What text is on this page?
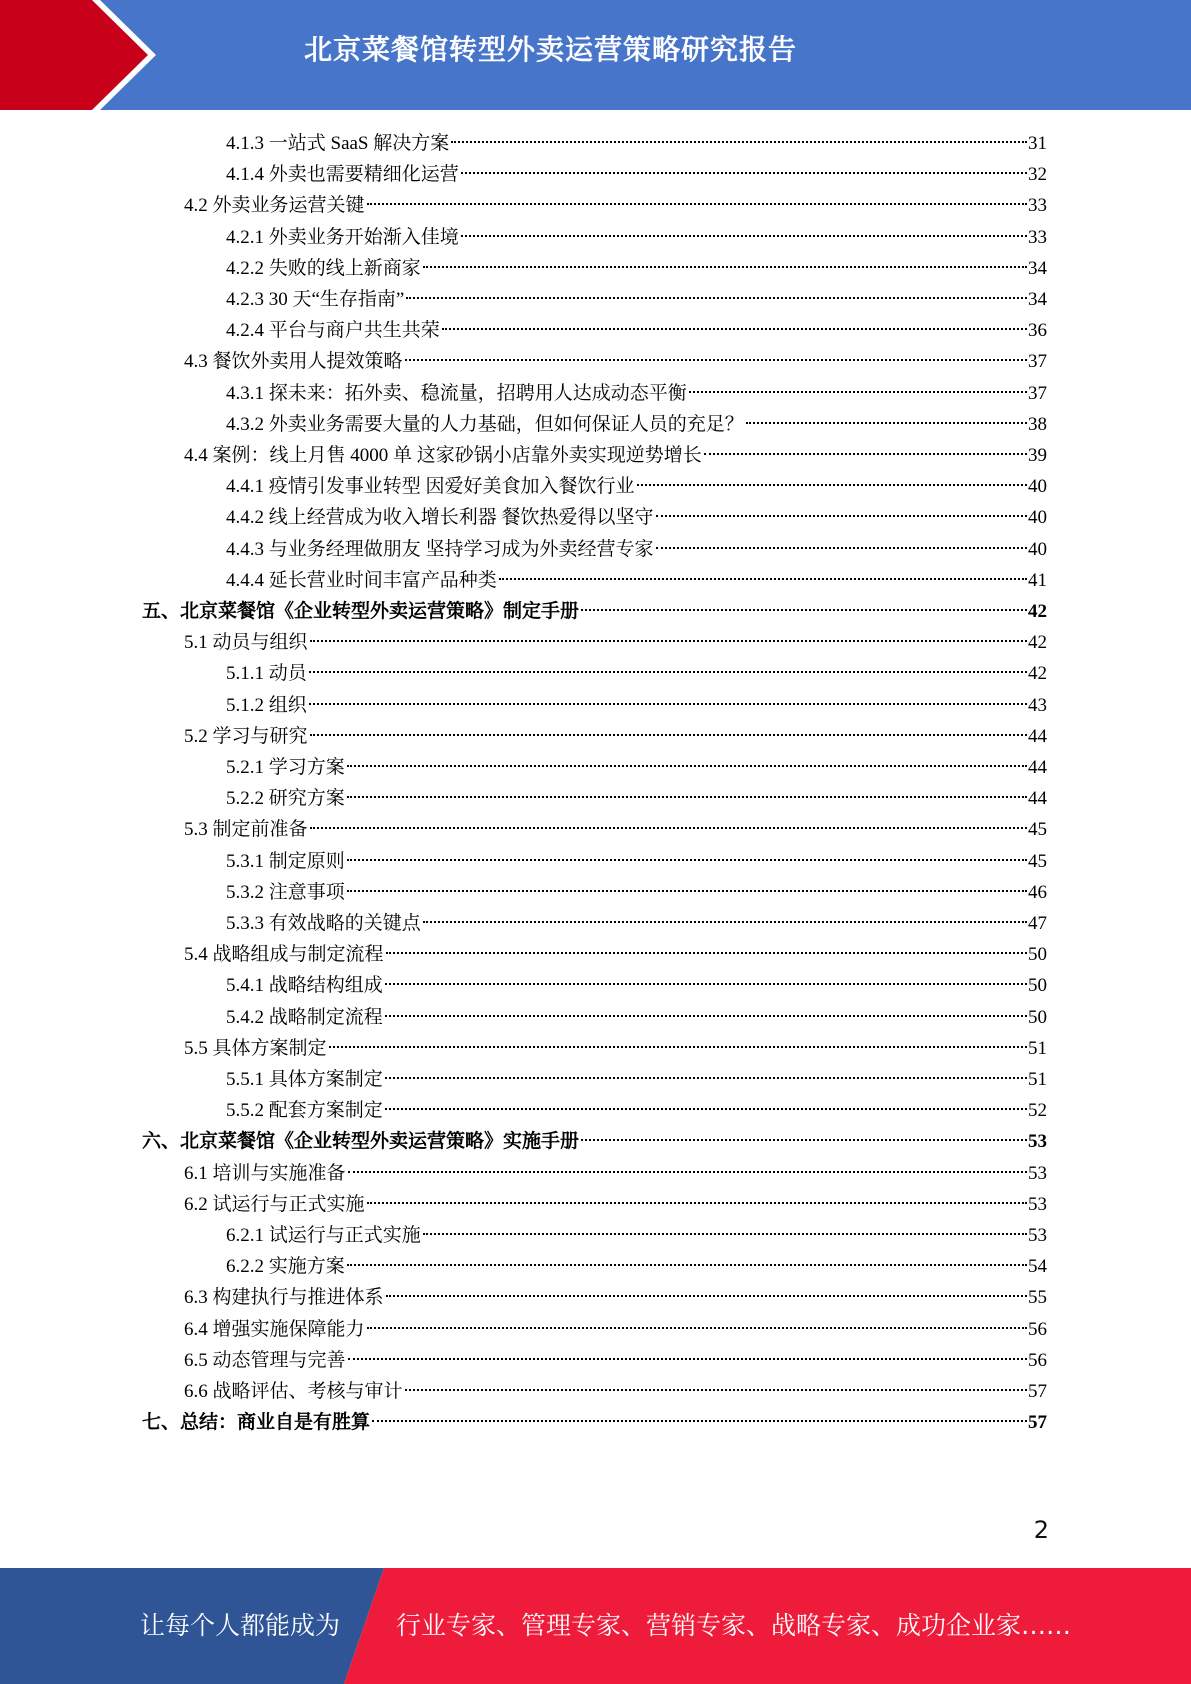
北京菜餐馆转型外卖运营策略研究报告
4.1.3 一站式 SaaS 解决方案	31
4.1.4 外卖也需要精细化运营	32
4.2 外卖业务运营关键	33
4.2.1 外卖业务开始渐入佳境	33
4.2.2 失败的线上新商家	34
4.2.3 30 天“生存指南”	34
4.2.4 平台与商户共生共荣	36
4.3 餐饮外卖用人提效策略	37
4.3.1 探未来：拓外卖、稳流量，招聘用人达成动态平衡	37
4.3.2 外卖业务需要大量的人力基础，但如何保证人员的充足？	38
4.4 案例：线上月售 4000 单 这家砂锅小店靠外卖实现逆势增长	39
4.4.1 疫情引发事业转型 因爱好美食加入餐饮行业	40
4.4.2 线上经营成为收入增长利器 餐饮热爱得以坚守	40
4.4.3 与业务经理做朋友 坚持学习成为外卖经营专家	40
4.4.4 延长营业时间丰富产品种类	41
五、北京菜餐馆《企业转型外卖运营策略》制定手册	42
5.1 动员与组织	42
5.1.1 动员	42
5.1.2 组织	43
5.2 学习与研究	44
5.2.1 学习方案	44
5.2.2 研究方案	44
5.3 制定前准备	45
5.3.1 制定原则	45
5.3.2 注意事项	46
5.3.3 有效战略的关键点	47
5.4 战略组成与制定流程	50
5.4.1 战略结构组成	50
5.4.2 战略制定流程	50
5.5 具体方案制定	51
5.5.1 具体方案制定	51
5.5.2 配套方案制定	52
六、北京菜餐馆《企业转型外卖运营策略》实施手册	53
6.1 培训与实施准备	53
6.2 试运行与正式实施	53
6.2.1 试运行与正式实施	53
6.2.2 实施方案	54
6.3 构建执行与推进体系	55
6.4 增强实施保障能力	56
6.5 动态管理与完善	56
6.6 战略评估、考核与审计	57
七、总结：商业自是有胜算	57
2
让每个人都能成为 行业专家、管理专家、营销专家、战略专家、成功企业家……
